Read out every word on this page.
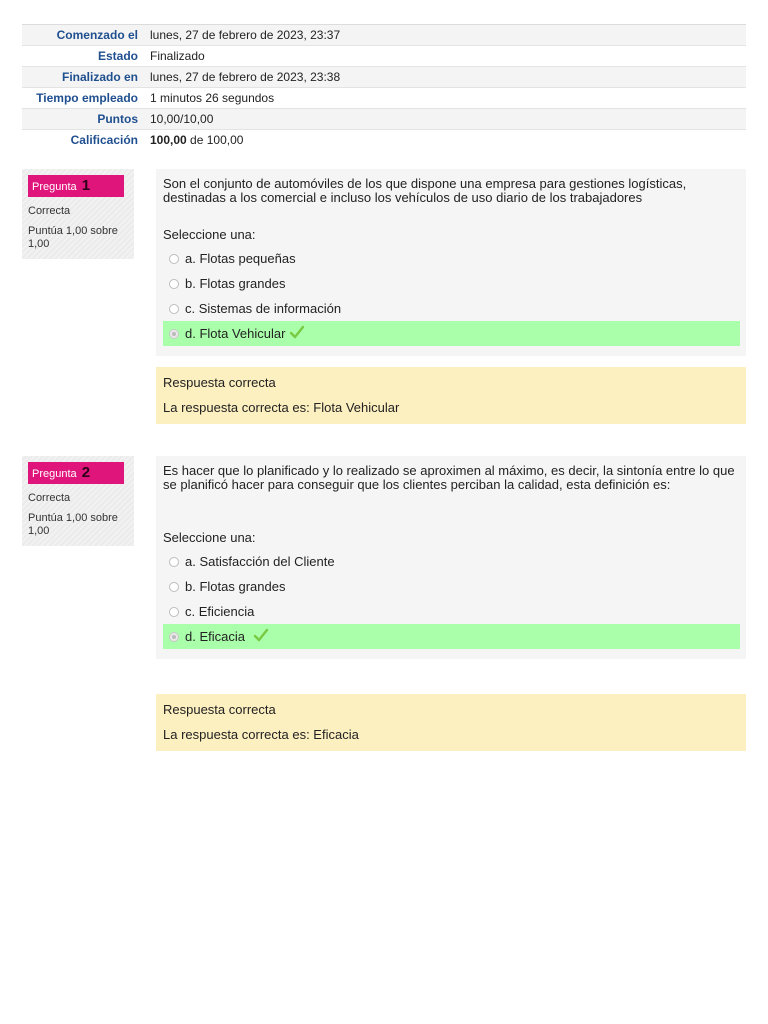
Comenzado el	lunes, 27 de febrero de 2023, 23:37
Estado	Finalizado
Finalizado en	lunes, 27 de febrero de 2023, 23:38
Tiempo empleado	1 minutos 26 segundos
Puntos	10,00/10,00
Calificación	100,00 de 100,00
Pregunta 1
Correcta
Puntúa 1,00 sobre 1,00

Son el conjunto de automóviles de los que dispone una empresa para gestiones logísticas, destinadas a los comercial e incluso los vehículos de uso diario de los trabajadores

Seleccione una:
a. Flotas pequeñas
b. Flotas grandes
c. Sistemas de información
d. Flota Vehicular
Respuesta correcta
La respuesta correcta es: Flota Vehicular
Pregunta 2
Correcta
Puntúa 1,00 sobre 1,00

Es hacer que lo planificado y lo realizado se aproximen al máximo, es decir, la sintonía entre lo que se planificó hacer para conseguir que los clientes perciban la calidad, esta definición es:

Seleccione una:
a. Satisfacción del Cliente
b. Flotas grandes
c. Eficiencia
d. Eficacia
Respuesta correcta
La respuesta correcta es: Eficacia
